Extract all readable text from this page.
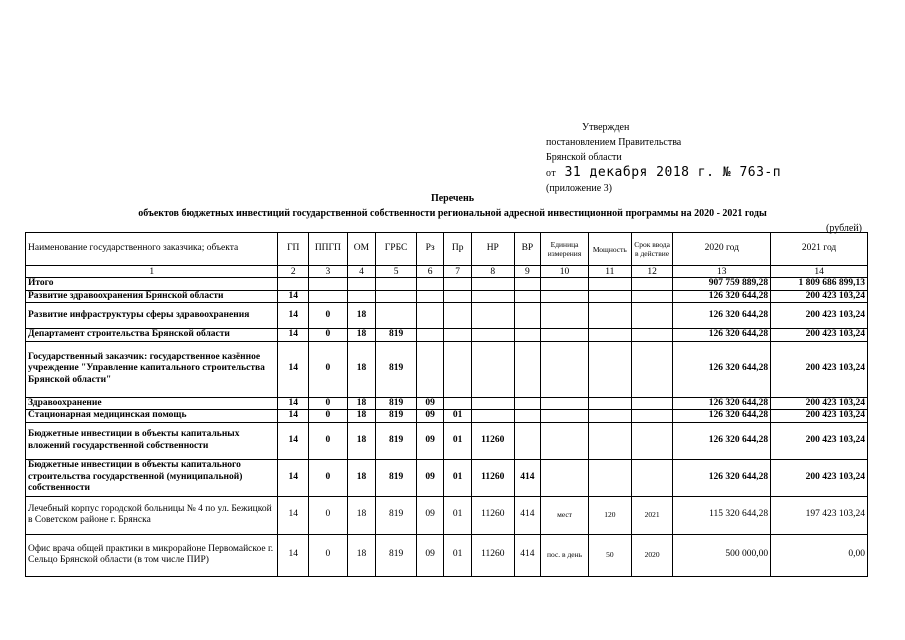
Утвержден
постановлением Правительства
Брянской области
от 31 декабря 2018 г. № 763-п
(приложение 3)
Перечень
объектов бюджетных инвестиций государственной собственности региональной адресной инвестиционной программы на 2020 - 2021 годы
(рублей)
Наименование государственного заказчика; объекта	ГП	ППГП	ОМ	ГРБС	Рз	Пр	НР	ВР	Единица измерения	Мощность	Срок ввода в действие	2020 год	2021 год
1	2	3	4	5	6	7	8	9	10	11	12	13	14
Итого												907 759 889,28	1 809 686 899,13
Развитие здравоохранения Брянской области	14											126 320 644,28	200 423 103,24
Развитие инфраструктуры сферы здравоохранения	14	0	18									126 320 644,28	200 423 103,24
Департамент строительства Брянской области	14	0	18	819								126 320 644,28	200 423 103,24
Государственный заказчик: государственное казённое учреждение "Управление капитального строительства Брянской области"	14	0	18	819								126 320 644,28	200 423 103,24
Здравоохранение	14	0	18	819	09							126 320 644,28	200 423 103,24
Стационарная медицинская помощь	14	0	18	819	09	01						126 320 644,28	200 423 103,24
Бюджетные инвестиции в объекты капитальных вложений государственной собственности	14	0	18	819	09	01	11260					126 320 644,28	200 423 103,24
Бюджетные инвестиции в объекты капитального строительства государственной (муниципальной) собственности	14	0	18	819	09	01	11260	414				126 320 644,28	200 423 103,24
Лечебный корпус городской больницы № 4 по ул. Бежицкой в Советском районе г. Брянска	14	0	18	819	09	01	11260	414	мест	120	2021	115 320 644,28	197 423 103,24
Офис врача общей практики в микрорайоне Первомайское г. Сельцо Брянской области (в том числе ПИР)	14	0	18	819	09	01	11260	414	пос. в день	50	2020	500 000,00	0,00
